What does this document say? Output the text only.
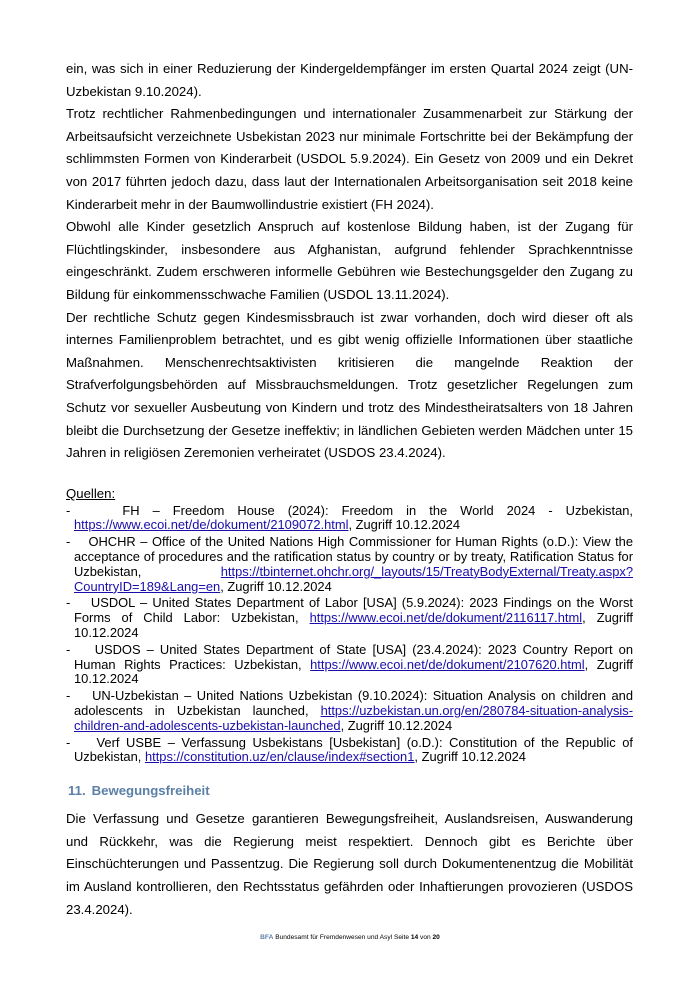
ein, was sich in einer Reduzierung der Kindergeldempfänger im ersten Quartal 2024 zeigt (UN-Uzbekistan 9.10.2024).

Trotz rechtlicher Rahmenbedingungen und internationaler Zusammenarbeit zur Stärkung der Arbeitsaufsicht verzeichnete Usbekistan 2023 nur minimale Fortschritte bei der Bekämpfung der schlimmsten Formen von Kinderarbeit (USDOL 5.9.2024). Ein Gesetz von 2009 und ein Dekret von 2017 führten jedoch dazu, dass laut der Internationalen Arbeitsorganisation seit 2018 keine Kinderarbeit mehr in der Baumwollindustrie existiert (FH 2024).

Obwohl alle Kinder gesetzlich Anspruch auf kostenlose Bildung haben, ist der Zugang für Flüchtlingskinder, insbesondere aus Afghanistan, aufgrund fehlender Sprachkenntnisse eingeschränkt. Zudem erschweren informelle Gebühren wie Bestechungsgelder den Zugang zu Bildung für einkommensschwache Familien (USDOL 13.11.2024).

Der rechtliche Schutz gegen Kindesmissbrauch ist zwar vorhanden, doch wird dieser oft als internes Familienproblem betrachtet, und es gibt wenig offizielle Informationen über staatliche Maßnahmen. Menschenrechtsaktivisten kritisieren die mangelnde Reaktion der Strafverfolgungsbehörden auf Missbrauchsmeldungen. Trotz gesetzlicher Regelungen zum Schutz vor sexueller Ausbeutung von Kindern und trotz des Mindestheiratsalters von 18 Jahren bleibt die Durchsetzung der Gesetze ineffektiv; in ländlichen Gebieten werden Mädchen unter 15 Jahren in religiösen Zeremonien verheiratet (USDOS 23.4.2024).

Quellen:

-	FH – Freedom House (2024): Freedom in the World 2024 - Uzbekistan, https://www.ecoi.net/de/dokument/2109072.html, Zugriff 10.12.2024

- OHCHR – Office of the United Nations High Commissioner for Human Rights (o.D.): View the acceptance of procedures and the ratification status by country or by treaty, Ratification Status for Uzbekistan,	https://tbinternet.ohchr.org/_layouts/15/TreatyBodyExternal/Treaty.aspx?CountryID=189&Lang=en, Zugriff 10.12.2024

- USDOL – United States Department of Labor [USA] (5.9.2024): 2023 Findings on the Worst Forms of Child Labor: Uzbekistan, https://www.ecoi.net/de/dokument/2116117.html, Zugriff 10.12.2024

- USDOS – United States Department of State [USA] (23.4.2024): 2023 Country Report on Human Rights Practices: Uzbekistan, https://www.ecoi.net/de/dokument/2107620.html, Zugriff 10.12.2024

- UN-Uzbekistan – United Nations Uzbekistan (9.10.2024): Situation Analysis on children and adolescents in Uzbekistan launched, https://uzbekistan.un.org/en/280784-situation-analysis-children-and-adolescents-uzbekistan-launched, Zugriff 10.12.2024

- Verf USBE – Verfassung Usbekistans [Usbekistan] (o.D.): Constitution of the Republic of Uzbekistan, https://constitution.uz/en/clause/index#section1, Zugriff 10.12.2024

11. Bewegungsfreiheit

Die Verfassung und Gesetze garantieren Bewegungsfreiheit, Auslandsreisen, Auswanderung und Rückkehr, was die Regierung meist respektiert. Dennoch gibt es Berichte über Einschüchterungen und Passentzug. Die Regierung soll durch Dokumentenentzug die Mobilität im Ausland kontrollieren, den Rechtsstatus gefährden oder Inhaftierungen provozieren (USDOS 23.4.2024).

BFA Bundesamt für Fremdenwesen und Asyl Seite 14 von 20
